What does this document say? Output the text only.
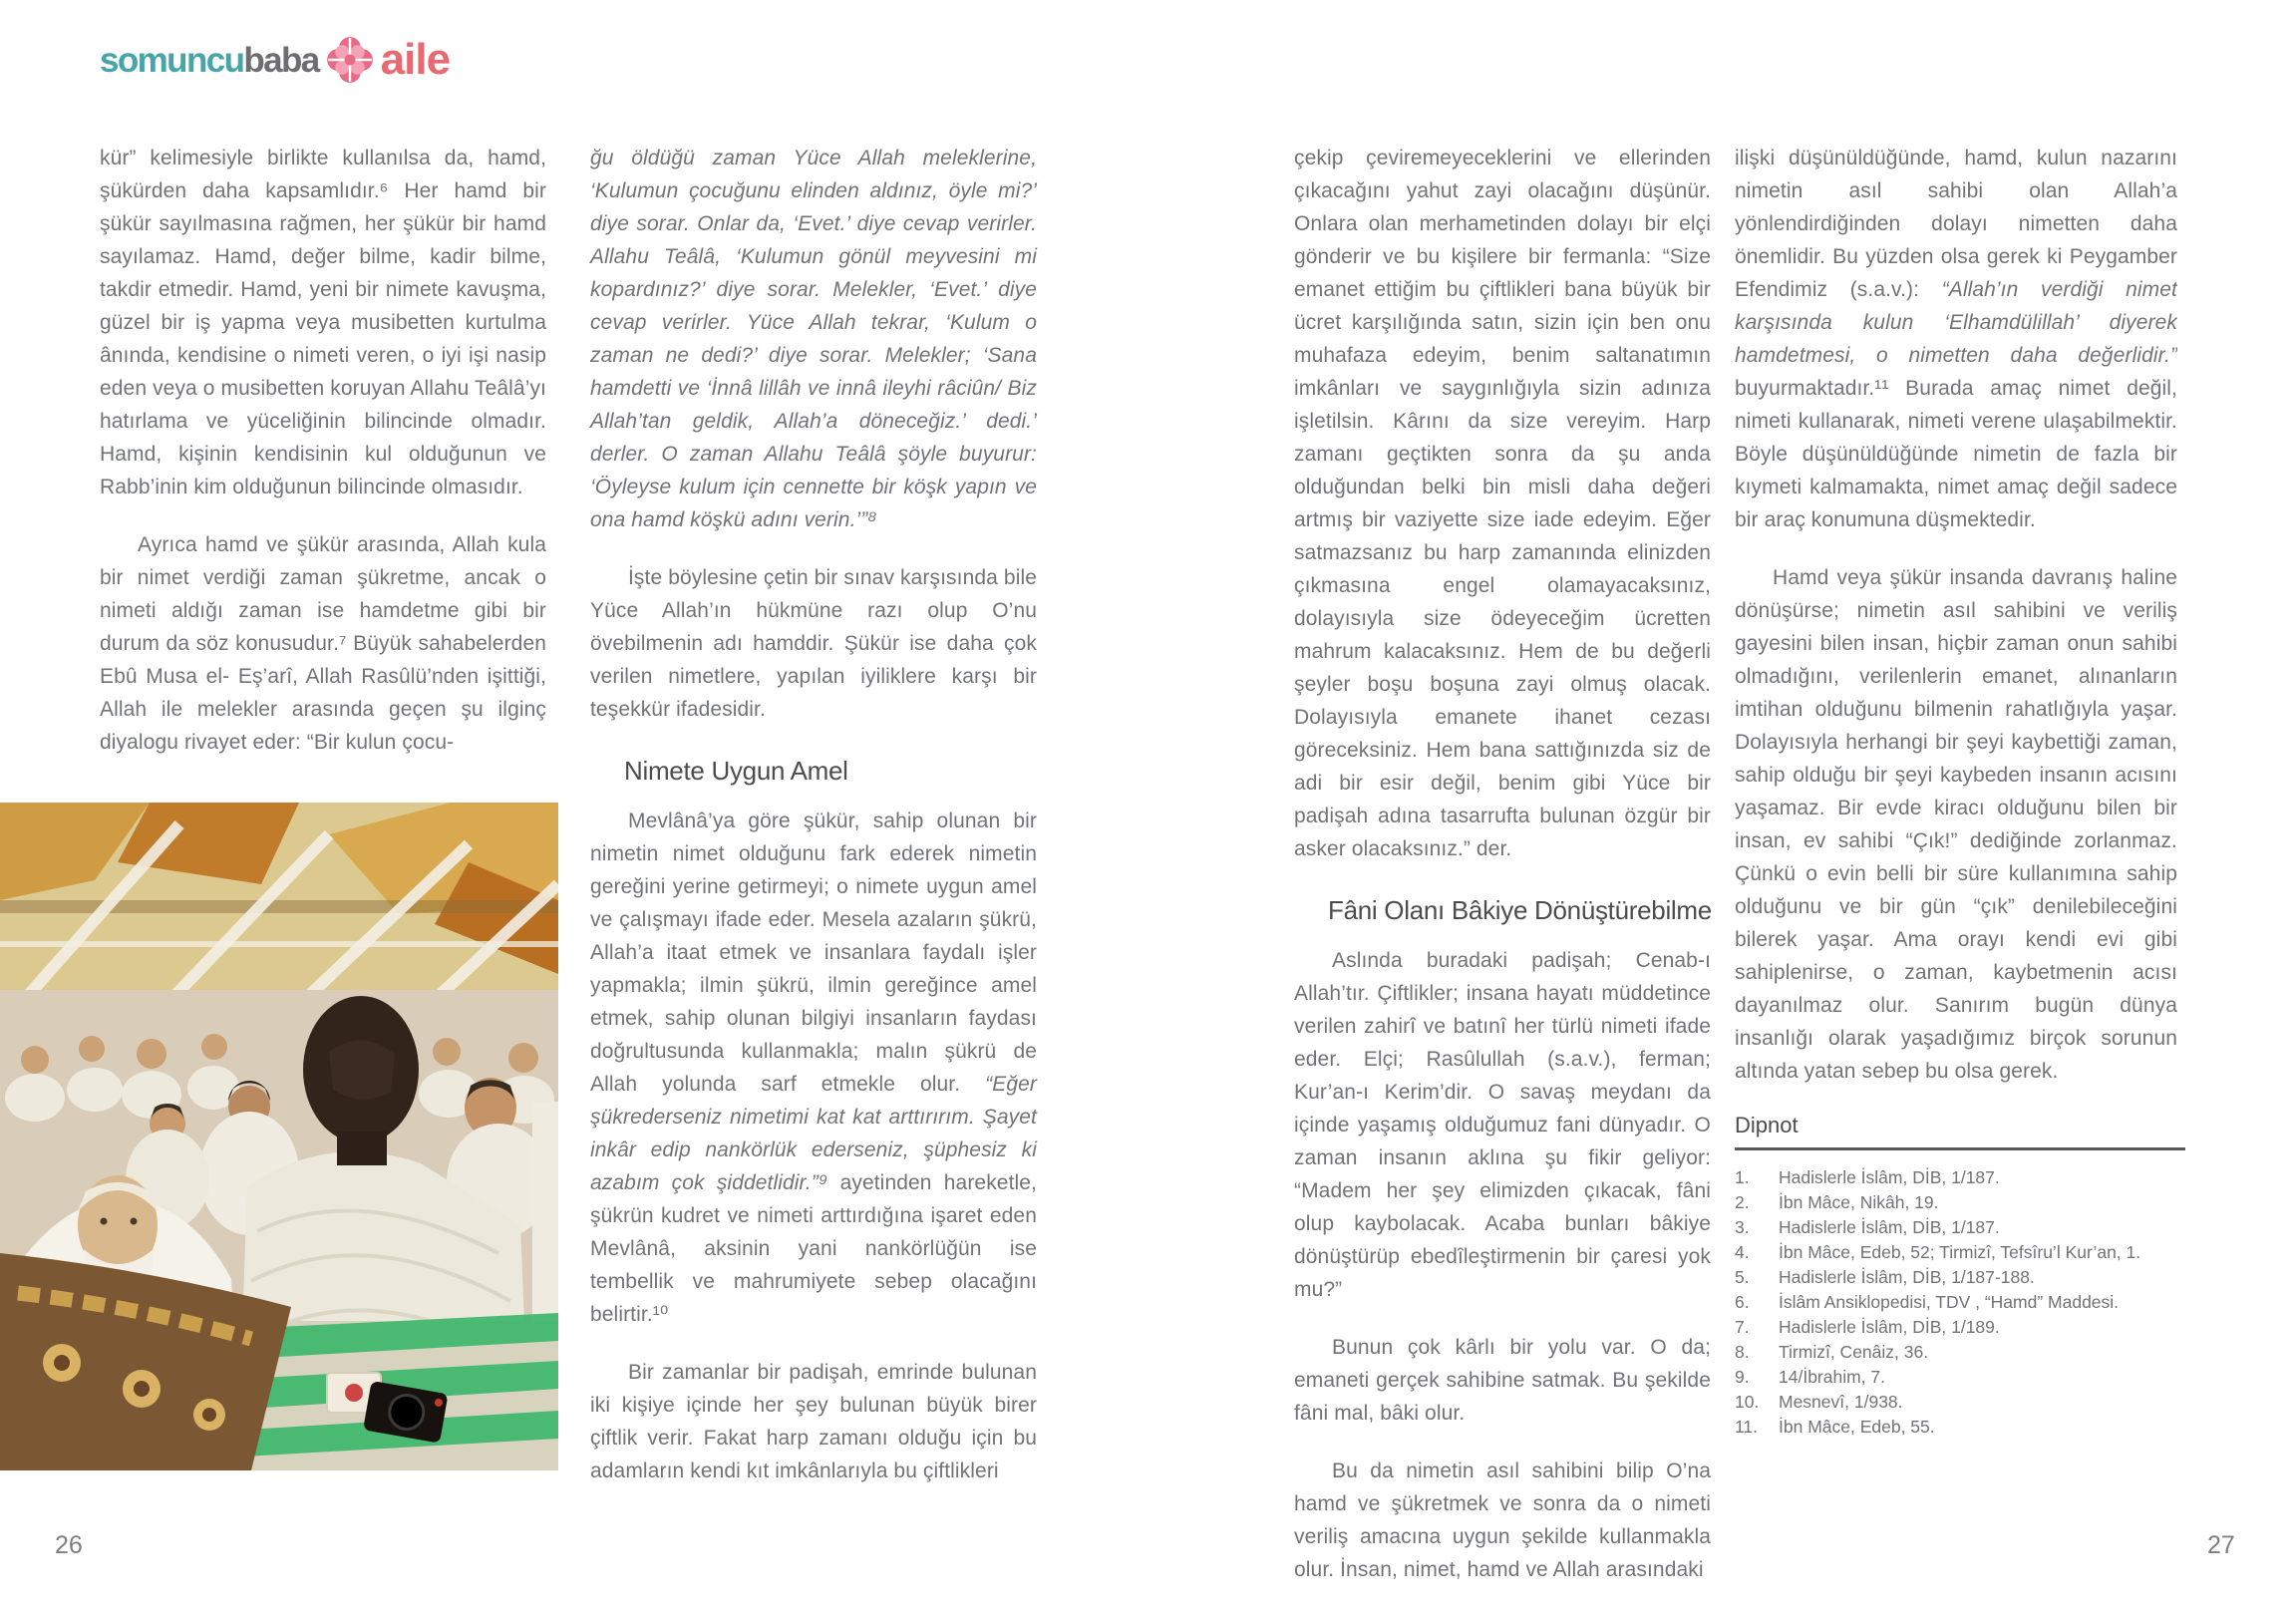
somuncubaba aile

kür” kelimesiyle birlikte kullanılsa da, hamd, şükürden daha kapsamlıdır.⁶ Her hamd bir şükür sayılmasına rağmen, her şükür bir hamd sayılamaz. Hamd, değer bilme, kadir bilme, takdir etmedir. Hamd, yeni bir nimete kavuşma, güzel bir iş yapma veya musibetten kurtulma ânında, kendisine o nimeti veren, o iyi işi nasip eden veya o musibetten koruyan Allahu Teâlâ’yı hatırlama ve yüceliğinin bilincinde olmadır. Hamd, kişinin kendisinin kul olduğunun ve Rabb’inin kim olduğunun bilincinde olmasıdır.

Ayrıca hamd ve şükür arasında, Allah kula bir nimet verdiği zaman şükretme, ancak o nimeti aldığı zaman ise hamdetme gibi bir durum da söz konusudur.⁷ Büyük sahabelerden Ebû Musa el- Eş’arî, Allah Rasûlü’nden işittiği, Allah ile melekler arasında geçen şu ilginç diyalogu rivayet eder: “Bir kulun çocu-

ğu öldüğü zaman Yüce Allah meleklerine, ‘Kulumun çocuğunu elinden aldınız, öyle mi?’ diye sorar. Onlar da, ‘Evet.’ diye cevap verirler. Allahu Teâlâ, ‘Kulumun gönül meyvesini mi kopardınız?’ diye sorar. Melekler, ‘Evet.’ diye cevap verirler. Yüce Allah tekrar, ‘Kulum o zaman ne dedi?’ diye sorar. Melekler; ‘Sana hamdetti ve ‘İnnâ lillâh ve innâ ileyhi râciûn/ Biz Allah’tan geldik, Allah’a döneceğiz.’ dedi.’ derler. O zaman Allahu Teâlâ şöyle buyurur: ‘Öyleyse kulum için cennette bir köşk yapın ve ona hamd köşkü adını verin.’”⁸

İşte böylesine çetin bir sınav karşısında bile Yüce Allah’ın hükmüne razı olup O’nu övebilmenin adı hamddir. Şükür ise daha çok verilen nimetlere, yapılan iyiliklere karşı bir teşekkür ifadesidir.

Nimete Uygun Amel

Mevlânâ’ya göre şükür, sahip olunan bir nimetin nimet olduğunu fark ederek nimetin gereğini yerine getirmeyi; o nimete uygun amel ve çalışmayı ifade eder. Mesela azaların şükrü, Allah’a itaat etmek ve insanlara faydalı işler yapmakla; ilmin şükrü, ilmin gereğince amel etmek, sahip olunan bilgiyi insanların faydası doğrultusunda kullanmakla; malın şükrü de Allah yolunda sarf etmekle olur. “Eğer şükrederseniz nimetimi kat kat arttırırım. Şayet inkâr edip nankörlük ederseniz, şüphesiz ki azabım çok şiddetlidir.”⁹ ayetinden hareketle, şükrün kudret ve nimeti arttırdığına işaret eden Mevlânâ, aksinin yani nankörlüğün ise tembellik ve mahrumiyete sebep olacağını belirtir.¹⁰

Bir zamanlar bir padişah, emrinde bulunan iki kişiye içinde her şey bulunan büyük birer çiftlik verir. Fakat harp zamanı olduğu için bu adamların kendi kıt imkânlarıyla bu çiftlikleri

çekip çeviremeyeceklerini ve ellerinden çıkacağını yahut zayi olacağını düşünür. Onlara olan merhametinden dolayı bir elçi gönderir ve bu kişilere bir fermanla: “Size emanet ettiğim bu çiftlikleri bana büyük bir ücret karşılığında satın, sizin için ben onu muhafaza edeyim, benim saltanatımın imkânları ve saygınlığıyla sizin adınıza işletilsin. Kârını da size vereyim. Harp zamanı geçtikten sonra da şu anda olduğundan belki bin misli daha değeri artmış bir vaziyette size iade edeyim. Eğer satmazsanız bu harp zamanında elinizden çıkmasına engel olamayacaksınız, dolayısıyla size ödeyeceğim ücretten mahrum kalacaksınız. Hem de bu değerli şeyler boşu boşuna zayi olmuş olacak. Dolayısıyla emanete ihanet cezası göreceksiniz. Hem bana sattığınızda siz de adi bir esir değil, benim gibi Yüce bir padişah adına tasarrufta bulunan özgür bir asker olacaksınız.” der.

Fâni Olanı Bâkiye Dönüştürebilme

Aslında buradaki padişah; Cenab-ı Allah’tır. Çiftlikler; insana hayatı müddetince verilen zahirî ve batınî her türlü nimeti ifade eder. Elçi; Rasûlullah (s.a.v.), ferman; Kur’an-ı Kerim’dir. O savaş meydanı da içinde yaşamış olduğumuz fani dünyadır. O zaman insanın aklına şu fikir geliyor: “Madem her şey elimizden çıkacak, fâni olup kaybolacak. Acaba bunları bâkiye dönüştürüp ebedîleştirmenin bir çaresi yok mu?”

Bunun çok kârlı bir yolu var. O da; emaneti gerçek sahibine satmak. Bu şekilde fâni mal, bâki olur.

Bu da nimetin asıl sahibini bilip O’na hamd ve şükretmek ve sonra da o nimeti veriliş amacına uygun şekilde kullanmakla olur. İnsan, nimet, hamd ve Allah arasındaki

ilişki düşünüldüğünde, hamd, kulun nazarını nimetin asıl sahibi olan Allah’a yönlendirdiğinden dolayı nimetten daha önemlidir. Bu yüzden olsa gerek ki Peygamber Efendimiz (s.a.v.): “Allah’ın verdiği nimet karşısında kulun ‘Elhamdülillah’ diyerek hamdetmesi, o nimetten daha değerlidir.” buyurmaktadır.¹¹ Burada amaç nimet değil, nimeti kullanarak, nimeti verene ulaşabilmektir. Böyle düşünüldüğünde nimetin de fazla bir kıymeti kalmamakta, nimet amaç değil sadece bir araç konumuna düşmektedir.

Hamd veya şükür insanda davranış haline dönüşürse; nimetin asıl sahibini ve veriliş gayesini bilen insan, hiçbir zaman onun sahibi olmadığını, verilenlerin emanet, alınanların imtihan olduğunu bilmenin rahatlığıyla yaşar. Dolayısıyla herhangi bir şeyi kaybettiği zaman, sahip olduğu bir şeyi kaybeden insanın acısını yaşamaz. Bir evde kiracı olduğunu bilen bir insan, ev sahibi “Çık!” dediğinde zorlanmaz. Çünkü o evin belli bir süre kullanımına sahip olduğunu ve bir gün “çık” denilebileceğini bilerek yaşar. Ama orayı kendi evi gibi sahiplenirse, o zaman, kaybetmenin acısı dayanılmaz olur. Sanırım bugün dünya insanlığı olarak yaşadığımız birçok sorunun altında yatan sebep bu olsa gerek.

Dipnot
1.	Hadislerle İslâm, DİB, 1/187.
2.	İbn Mâce, Nikâh, 19.
3.	Hadislerle İslâm, DİB, 1/187.
4.	İbn Mâce, Edeb, 52; Tirmizî, Tefsîru’l Kur’an, 1.
5.	Hadislerle İslâm, DİB, 1/187-188.
6.	İslâm Ansiklopedisi, TDV , “Hamd” Maddesi.
7.	Hadislerle İslâm, DİB, 1/189.
8.	Tirmizî, Cenâiz, 36.
9.	14/İbrahim, 7.
10.	Mesnevî, 1/938.
11.	İbn Mâce, Edeb, 55.
26	27
